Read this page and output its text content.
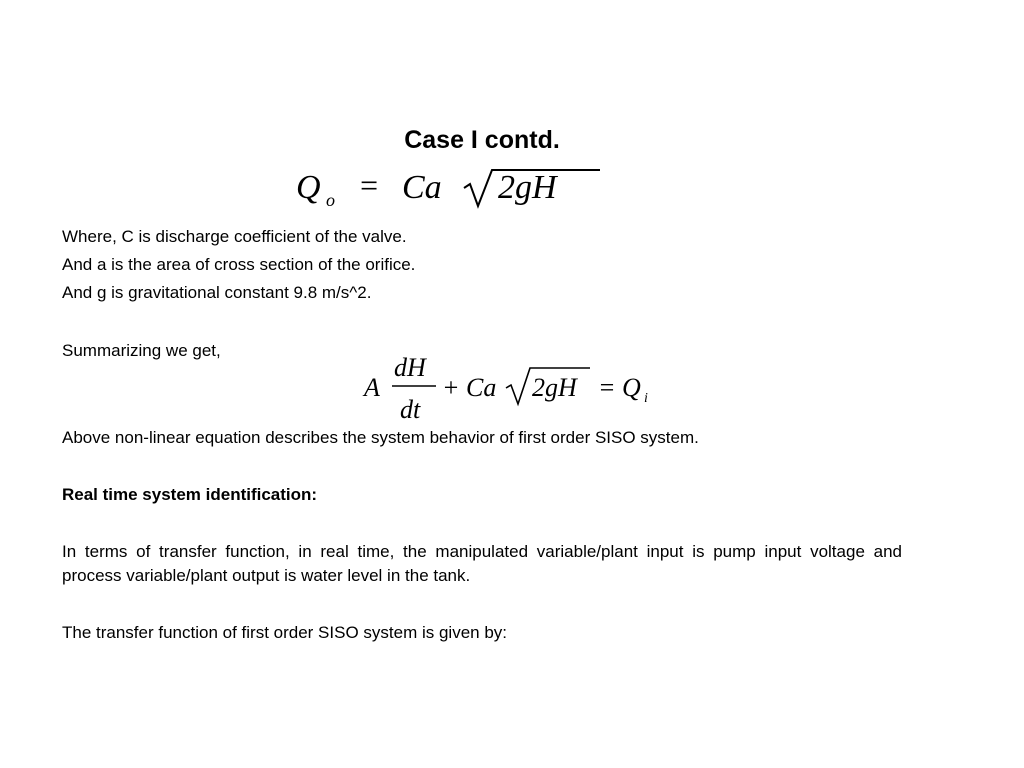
Case I contd.
Q o = Ca 2gH
Where, C is discharge coefficient of the valve.
And a is the area of cross section of the orifice.
And g is gravitational constant 9.8 m/s^2.
Summarizing we get,
A
dH
dt
+ Ca 2gH = Q i
Above non-linear equation describes the system behavior of first order SISO system.
Real time system identification:
In terms of transfer function, in real time, the manipulated variable/plant input is pump input voltage and process variable/plant output is water level in the tank.
The transfer function of first order SISO system is given by:
